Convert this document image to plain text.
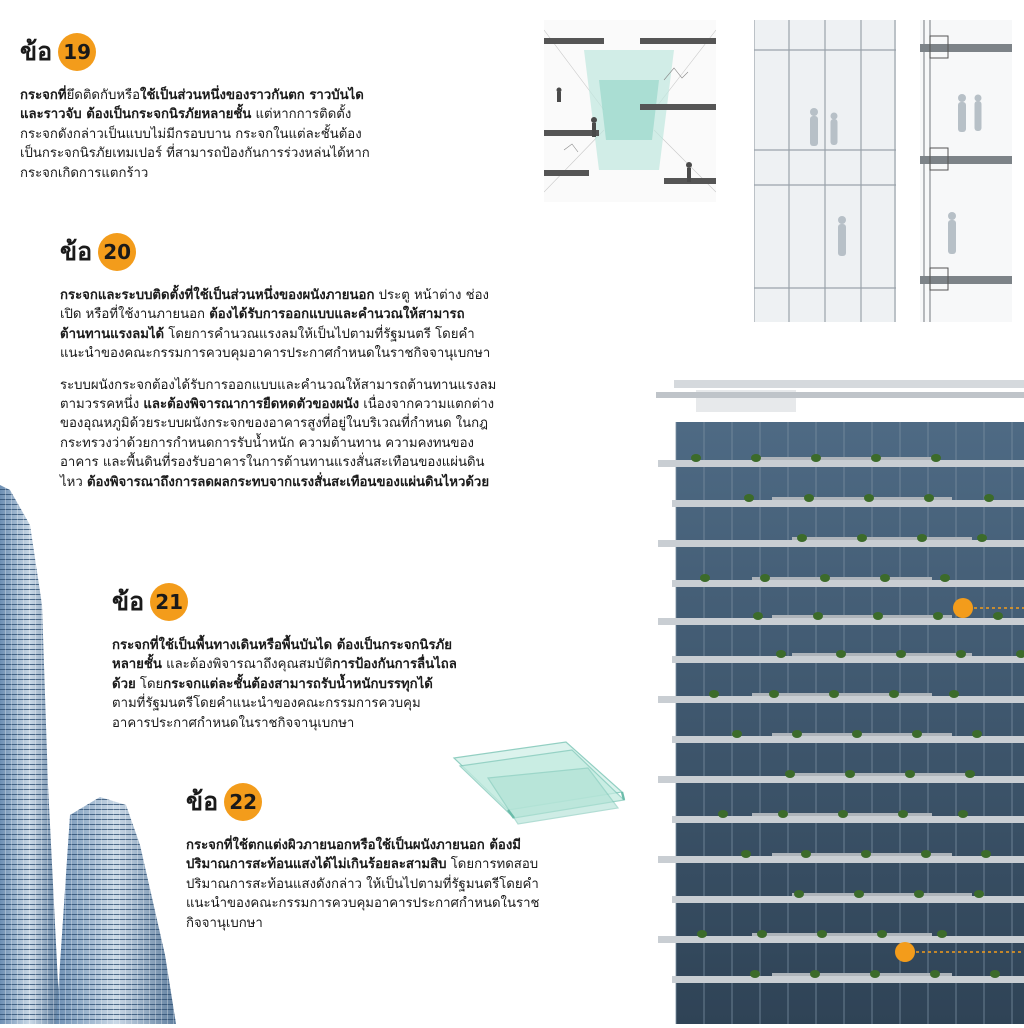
ข้อ 19

กระจกที่ยึดติดกับหรือใช้เป็นส่วนหนึ่งของราวกันตก ราวบันได และราวจับ ต้องเป็นกระจกนิรภัยหลายชั้น แต่หากการติดตั้งกระจกดังกล่าวเป็นแบบไม่มีกรอบบาน กระจกในแต่ละชั้นต้องเป็นกระจกนิรภัยเทมเปอร์ ที่สามารถป้องกันการร่วงหล่นได้หากกระจกเกิดการแตกร้าว

ข้อ 20

กระจกและระบบติดตั้งที่ใช้เป็นส่วนหนึ่งของผนังภายนอก ประตู หน้าต่าง ช่องเปิด หรือที่ใช้งานภายนอก ต้องได้รับการออกแบบและคำนวณให้สามารถต้านทานแรงลมได้ โดยการคำนวณแรงลมให้เป็นไปตามที่รัฐมนตรี โดยคำแนะนำของคณะกรรมการควบคุมอาคารประกาศกำหนดในราชกิจจานุเบกษา

ระบบผนังกระจกต้องได้รับการออกแบบและคำนวณให้สามารถต้านทานแรงลมตามวรรคหนึ่ง และต้องพิจารณาการยืดหดตัวของผนัง เนื่องจากความแตกต่างของอุณหภูมิด้วยระบบผนังกระจกของอาคารสูงที่อยู่ในบริเวณที่กำหนด ในกฎกระทรวงว่าด้วยการกำหนดการรับน้ำหนัก ความต้านทาน ความคงทนของอาคาร และพื้นดินที่รองรับอาคารในการต้านทานแรงสั่นสะเทือนของแผ่นดินไหว ต้องพิจารณาถึงการลดผลกระทบจากแรงสั่นสะเทือนของแผ่นดินไหวด้วย

ข้อ 21

กระจกที่ใช้เป็นพื้นทางเดินหรือพื้นบันได ต้องเป็นกระจกนิรภัยหลายชั้น และต้องพิจารณาถึงคุณสมบัติการป้องกันการลื่นไถลด้วย โดยกระจกแต่ละชั้นต้องสามารถรับน้ำหนักบรรทุกได้ ตามที่รัฐมนตรีโดยคำแนะนำของคณะกรรมการควบคุมอาคารประกาศกำหนดในราชกิจจานุเบกษา

ข้อ 22

กระจกที่ใช้ตกแต่งผิวภายนอกหรือใช้เป็นผนังภายนอก ต้องมีปริมาณการสะท้อนแสงได้ไม่เกินร้อยละสามสิบ โดยการทดสอบปริมาณการสะท้อนแสงดังกล่าว ให้เป็นไปตามที่รัฐมนตรีโดยคำแนะนำของคณะกรรมการควบคุมอาคารประกาศกำหนดในราชกิจจานุเบกษา
